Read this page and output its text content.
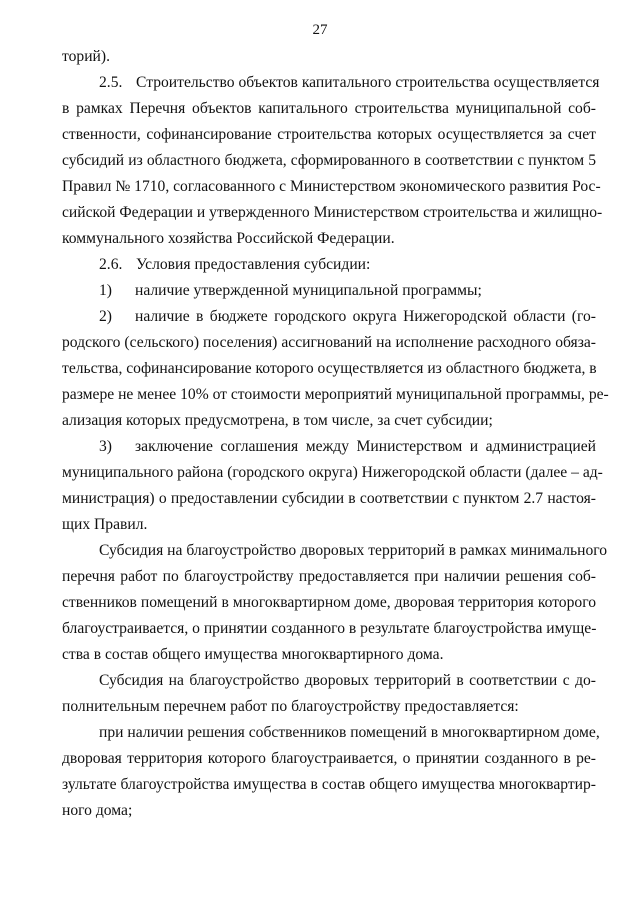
27
торий).
2.5. Строительство объектов капитального строительства осуществляется
в рамках Перечня объектов капитального строительства муниципальной соб-
ственности, софинансирование строительства которых осуществляется за счет
субсидий из областного бюджета, сформированного в соответствии с пунктом 5
Правил № 1710, согласованного с Министерством экономического развития Рос-
сийской Федерации и утвержденного Министерством строительства и жилищно-
коммунального хозяйства Российской Федерации.
2.6. Условия предоставления субсидии:
1) наличие утвержденной муниципальной программы;
2) наличие в бюджете городского округа Нижегородской области (го-
родского (сельского) поселения) ассигнований на исполнение расходного обяза-
тельства, софинансирование которого осуществляется из областного бюджета, в
размере не менее 10% от стоимости мероприятий муниципальной программы, ре-
ализация которых предусмотрена, в том числе, за счет субсидии;
3) заключение соглашения между Министерством и администрацией
муниципального района (городского округа) Нижегородской области (далее – ад-
министрация) о предоставлении субсидии в соответствии с пунктом 2.7 настоя-
щих Правил.
Субсидия на благоустройство дворовых территорий в рамках минимального
перечня работ по благоустройству предоставляется при наличии решения соб-
ственников помещений в многоквартирном доме, дворовая территория которого
благоустраивается, о принятии созданного в результате благоустройства имуще-
ства в состав общего имущества многоквартирного дома.
Субсидия на благоустройство дворовых территорий в соответствии с до-
полнительным перечнем работ по благоустройству предоставляется:
при наличии решения собственников помещений в многоквартирном доме,
дворовая территория которого благоустраивается, о принятии созданного в ре-
зультате благоустройства имущества в состав общего имущества многоквартир-
ного дома;
